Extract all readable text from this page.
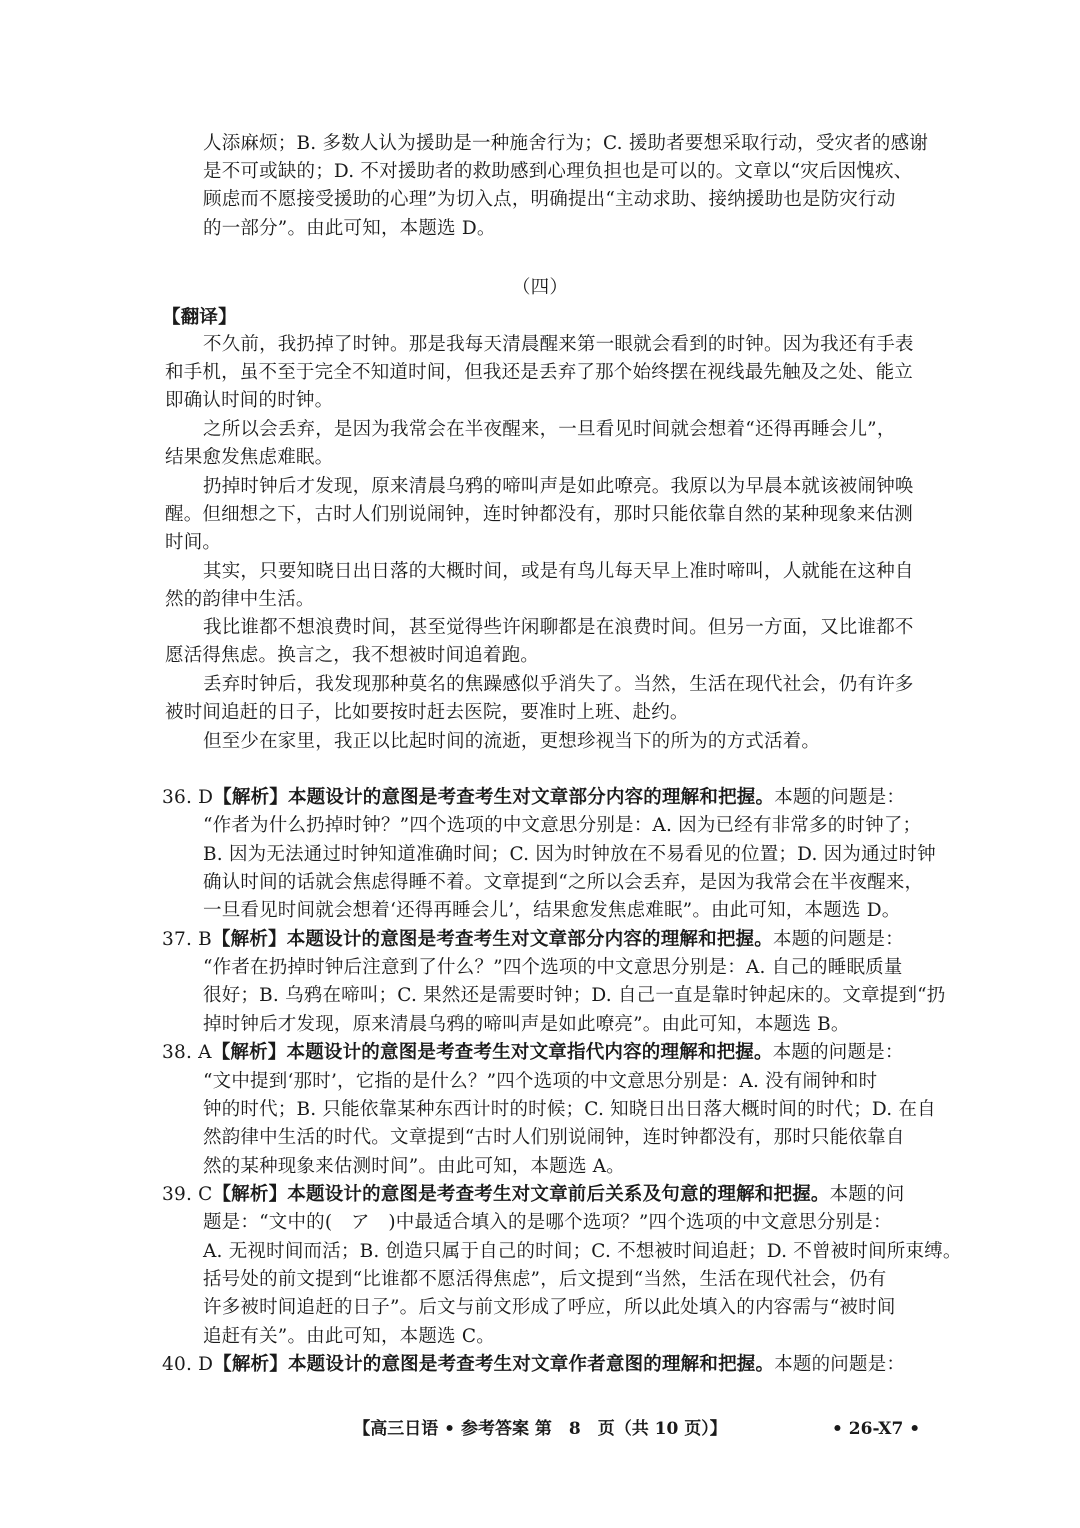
人添麻烦；B. 多数人认为援助是一种施舍行为；C. 援助者要想采取行动，受灾者的感谢
是不可或缺的；D. 不对援助者的救助感到心理负担也是可以的。文章以“灾后因愧疚、
顾虑而不愿接受援助的心理”为切入点，明确提出“主动求助、接纳援助也是防灾行动
的一部分”。由此可知，本题选 D。
（四）
【翻译】
不久前，我扔掉了时钟。那是我每天清晨醒来第一眼就会看到的时钟。因为我还有手表
和手机，虽不至于完全不知道时间，但我还是丢弃了那个始终摆在视线最先触及之处、能立
即确认时间的时钟。
之所以会丢弃，是因为我常会在半夜醒来，一旦看见时间就会想着“还得再睡会儿”，
结果愈发焦虑难眠。
扔掉时钟后才发现，原来清晨乌鸦的啼叫声是如此嘹亮。我原以为早晨本就该被闹钟唤
醒。但细想之下，古时人们别说闹钟，连时钟都没有，那时只能依靠自然的某种现象来估测
时间。
其实，只要知晓日出日落的大概时间，或是有鸟儿每天早上准时啼叫，人就能在这种自
然的韵律中生活。
我比谁都不想浪费时间，甚至觉得些许闲聊都是在浪费时间。但另一方面，又比谁都不
愿活得焦虑。换言之，我不想被时间追着跑。
丢弃时钟后，我发现那种莫名的焦躁感似乎消失了。当然，生活在现代社会，仍有许多
被时间追赶的日子，比如要按时赶去医院，要准时上班、赴约。
但至少在家里，我正以比起时间的流逝，更想珍视当下的所为的方式活着。
36. D【解析】本题设计的意图是考查考生对文章部分内容的理解和把握。本题的问题是：
“作者为什么扔掉时钟？”四个选项的中文意思分别是：A. 因为已经有非常多的时钟了；
B. 因为无法通过时钟知道准确时间；C. 因为时钟放在不易看见的位置；D. 因为通过时钟
确认时间的话就会焦虑得睡不着。文章提到“之所以会丢弃，是因为我常会在半夜醒来，
一旦看见时间就会想着‘还得再睡会儿’，结果愈发焦虑难眠”。由此可知，本题选 D。
37. B【解析】本题设计的意图是考查考生对文章部分内容的理解和把握。本题的问题是：
“作者在扔掉时钟后注意到了什么？”四个选项的中文意思分别是：A. 自己的睡眠质量
很好；B. 乌鸦在啼叫；C. 果然还是需要时钟；D. 自己一直是靠时钟起床的。文章提到“扔
掉时钟后才发现，原来清晨乌鸦的啼叫声是如此嘹亮”。由此可知，本题选 B。
38. A【解析】本题设计的意图是考查考生对文章指代内容的理解和把握。本题的问题是：
“文中提到‘那时’，它指的是什么？”四个选项的中文意思分别是：A. 没有闹钟和时
钟的时代；B. 只能依靠某种东西计时的时候；C. 知晓日出日落大概时间的时代；D. 在自
然韵律中生活的时代。文章提到“古时人们别说闹钟，连时钟都没有，那时只能依靠自
然的某种现象来估测时间”。由此可知，本题选 A。
39. C【解析】本题设计的意图是考查考生对文章前后关系及句意的理解和把握。本题的问
题是：“文中的(　ア　)中最适合填入的是哪个选项？”四个选项的中文意思分别是：
A. 无视时间而活；B. 创造只属于自己的时间；C. 不想被时间追赶；D. 不曾被时间所束缚。
括号处的前文提到“比谁都不愿活得焦虑”，后文提到“当然，生活在现代社会，仍有
许多被时间追赶的日子”。后文与前文形成了呼应，所以此处填入的内容需与“被时间
追赶有关”。由此可知，本题选 C。
40. D【解析】本题设计的意图是考查考生对文章作者意图的理解和把握。本题的问题是：
【高三日语 • 参考答案 第　8　页（共 10 页）】	• 26-X7 •
